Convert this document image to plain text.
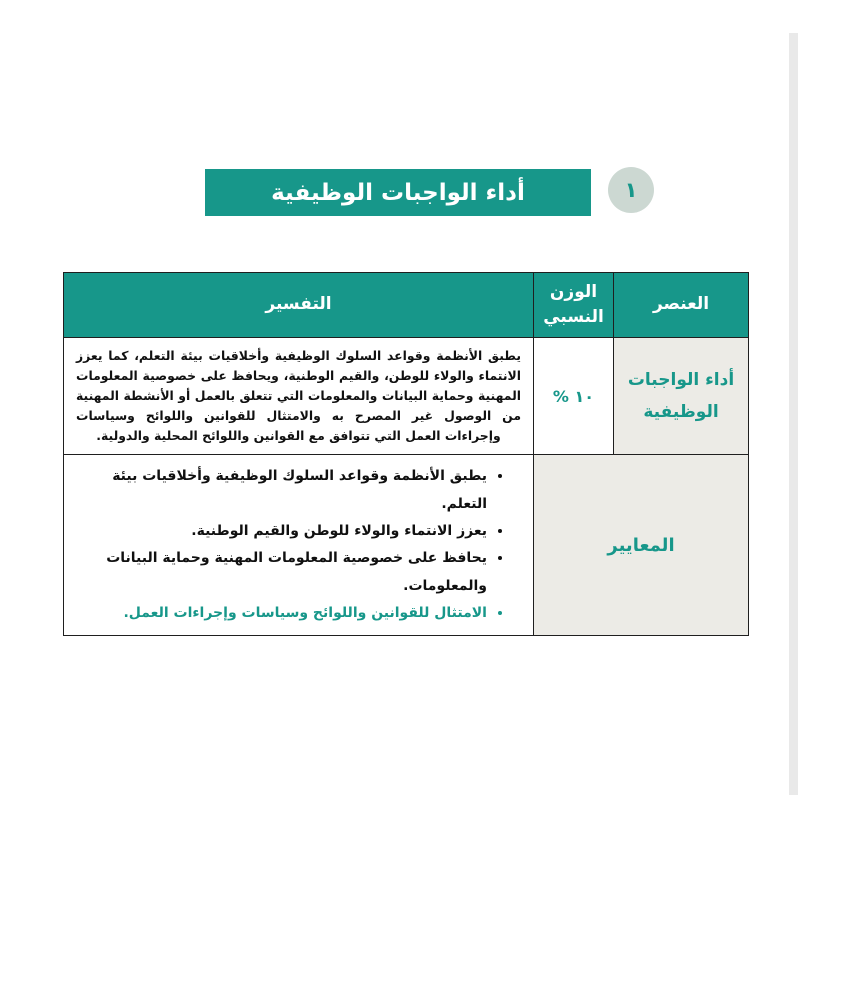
أداء الواجبات الوظيفية	١
العنصر	الوزن النسبي	التفسير
أداء الواجبات الوظيفية	١٠ %	يطبق الأنظمة وقواعد السلوك الوظيفية وأخلاقيات بيئة التعلم، كما يعزز الانتماء والولاء للوطن، والقيم الوطنية، ويحافظ على خصوصية المعلومات المهنية وحماية البيانات والمعلومات التي تتعلق بالعمل أو الأنشطة المهنية من الوصول غير المصرح به والامتثال للقوانين واللوائح وسياسات وإجراءات العمل التي تتوافق مع القوانين واللوائح المحلية والدولية.
المعايير	
• يطبق الأنظمة وقواعد السلوك الوظيفية وأخلاقيات بيئة التعلم.
• يعزز الانتماء والولاء للوطن والقيم الوطنية.
• يحافظ على خصوصية المعلومات المهنية وحماية البيانات والمعلومات.
• الامتثال للقوانين واللوائح وسياسات وإجراءات العمل.
